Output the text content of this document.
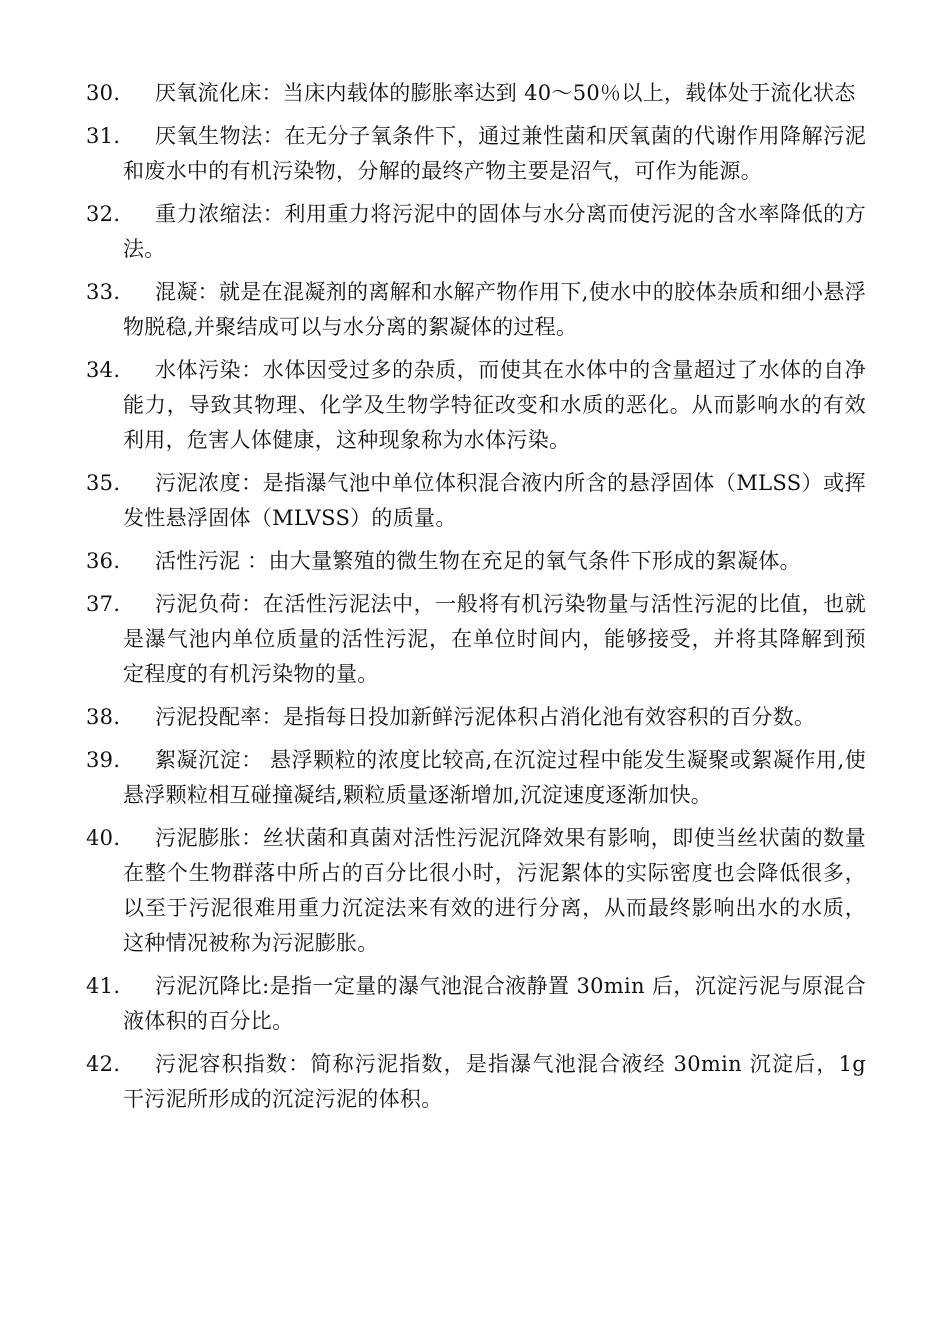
30.	厌氧流化床：当床内载体的膨胀率达到 40～50％以上，载体处于流化状态
31.	厌氧生物法：在无分子氧条件下，通过兼性菌和厌氧菌的代谢作用降解污泥和废水中的有机污染物，分解的最终产物主要是沼气，可作为能源。
32.	重力浓缩法：利用重力将污泥中的固体与水分离而使污泥的含水率降低的方法。
33.	混凝：就是在混凝剂的离解和水解产物作用下,使水中的胶体杂质和细小悬浮物脱稳,并聚结成可以与水分离的絮凝体的过程。
34.	水体污染：水体因受过多的杂质，而使其在水体中的含量超过了水体的自净能力，导致其物理、化学及生物学特征改变和水质的恶化。从而影响水的有效利用，危害人体健康，这种现象称为水体污染。
35.	污泥浓度：是指瀑气池中单位体积混合液内所含的悬浮固体（MLSS）或挥发性悬浮固体（MLVSS）的质量。
36.	活性污泥 ：由大量繁殖的微生物在充足的氧气条件下形成的絮凝体。
37.	污泥负荷：在活性污泥法中，一般将有机污染物量与活性污泥的比值，也就是瀑气池内单位质量的活性污泥，在单位时间内，能够接受，并将其降解到预定程度的有机污染物的量。
38.	污泥投配率：是指每日投加新鲜污泥体积占消化池有效容积的百分数。
39.	絮凝沉淀： 悬浮颗粒的浓度比较高,在沉淀过程中能发生凝聚或絮凝作用,使悬浮颗粒相互碰撞凝结,颗粒质量逐渐增加,沉淀速度逐渐加快。
40.	污泥膨胀：丝状菌和真菌对活性污泥沉降效果有影响，即使当丝状菌的数量在整个生物群落中所占的百分比很小时，污泥絮体的实际密度也会降低很多，以至于污泥很难用重力沉淀法来有效的进行分离，从而最终影响出水的水质，这种情况被称为污泥膨胀。
41.	污泥沉降比:是指一定量的瀑气池混合液静置 30min 后，沉淀污泥与原混合液体积的百分比。
42.	污泥容积指数：简称污泥指数，是指瀑气池混合液经 30min 沉淀后，1g 干污泥所形成的沉淀污泥的体积。
